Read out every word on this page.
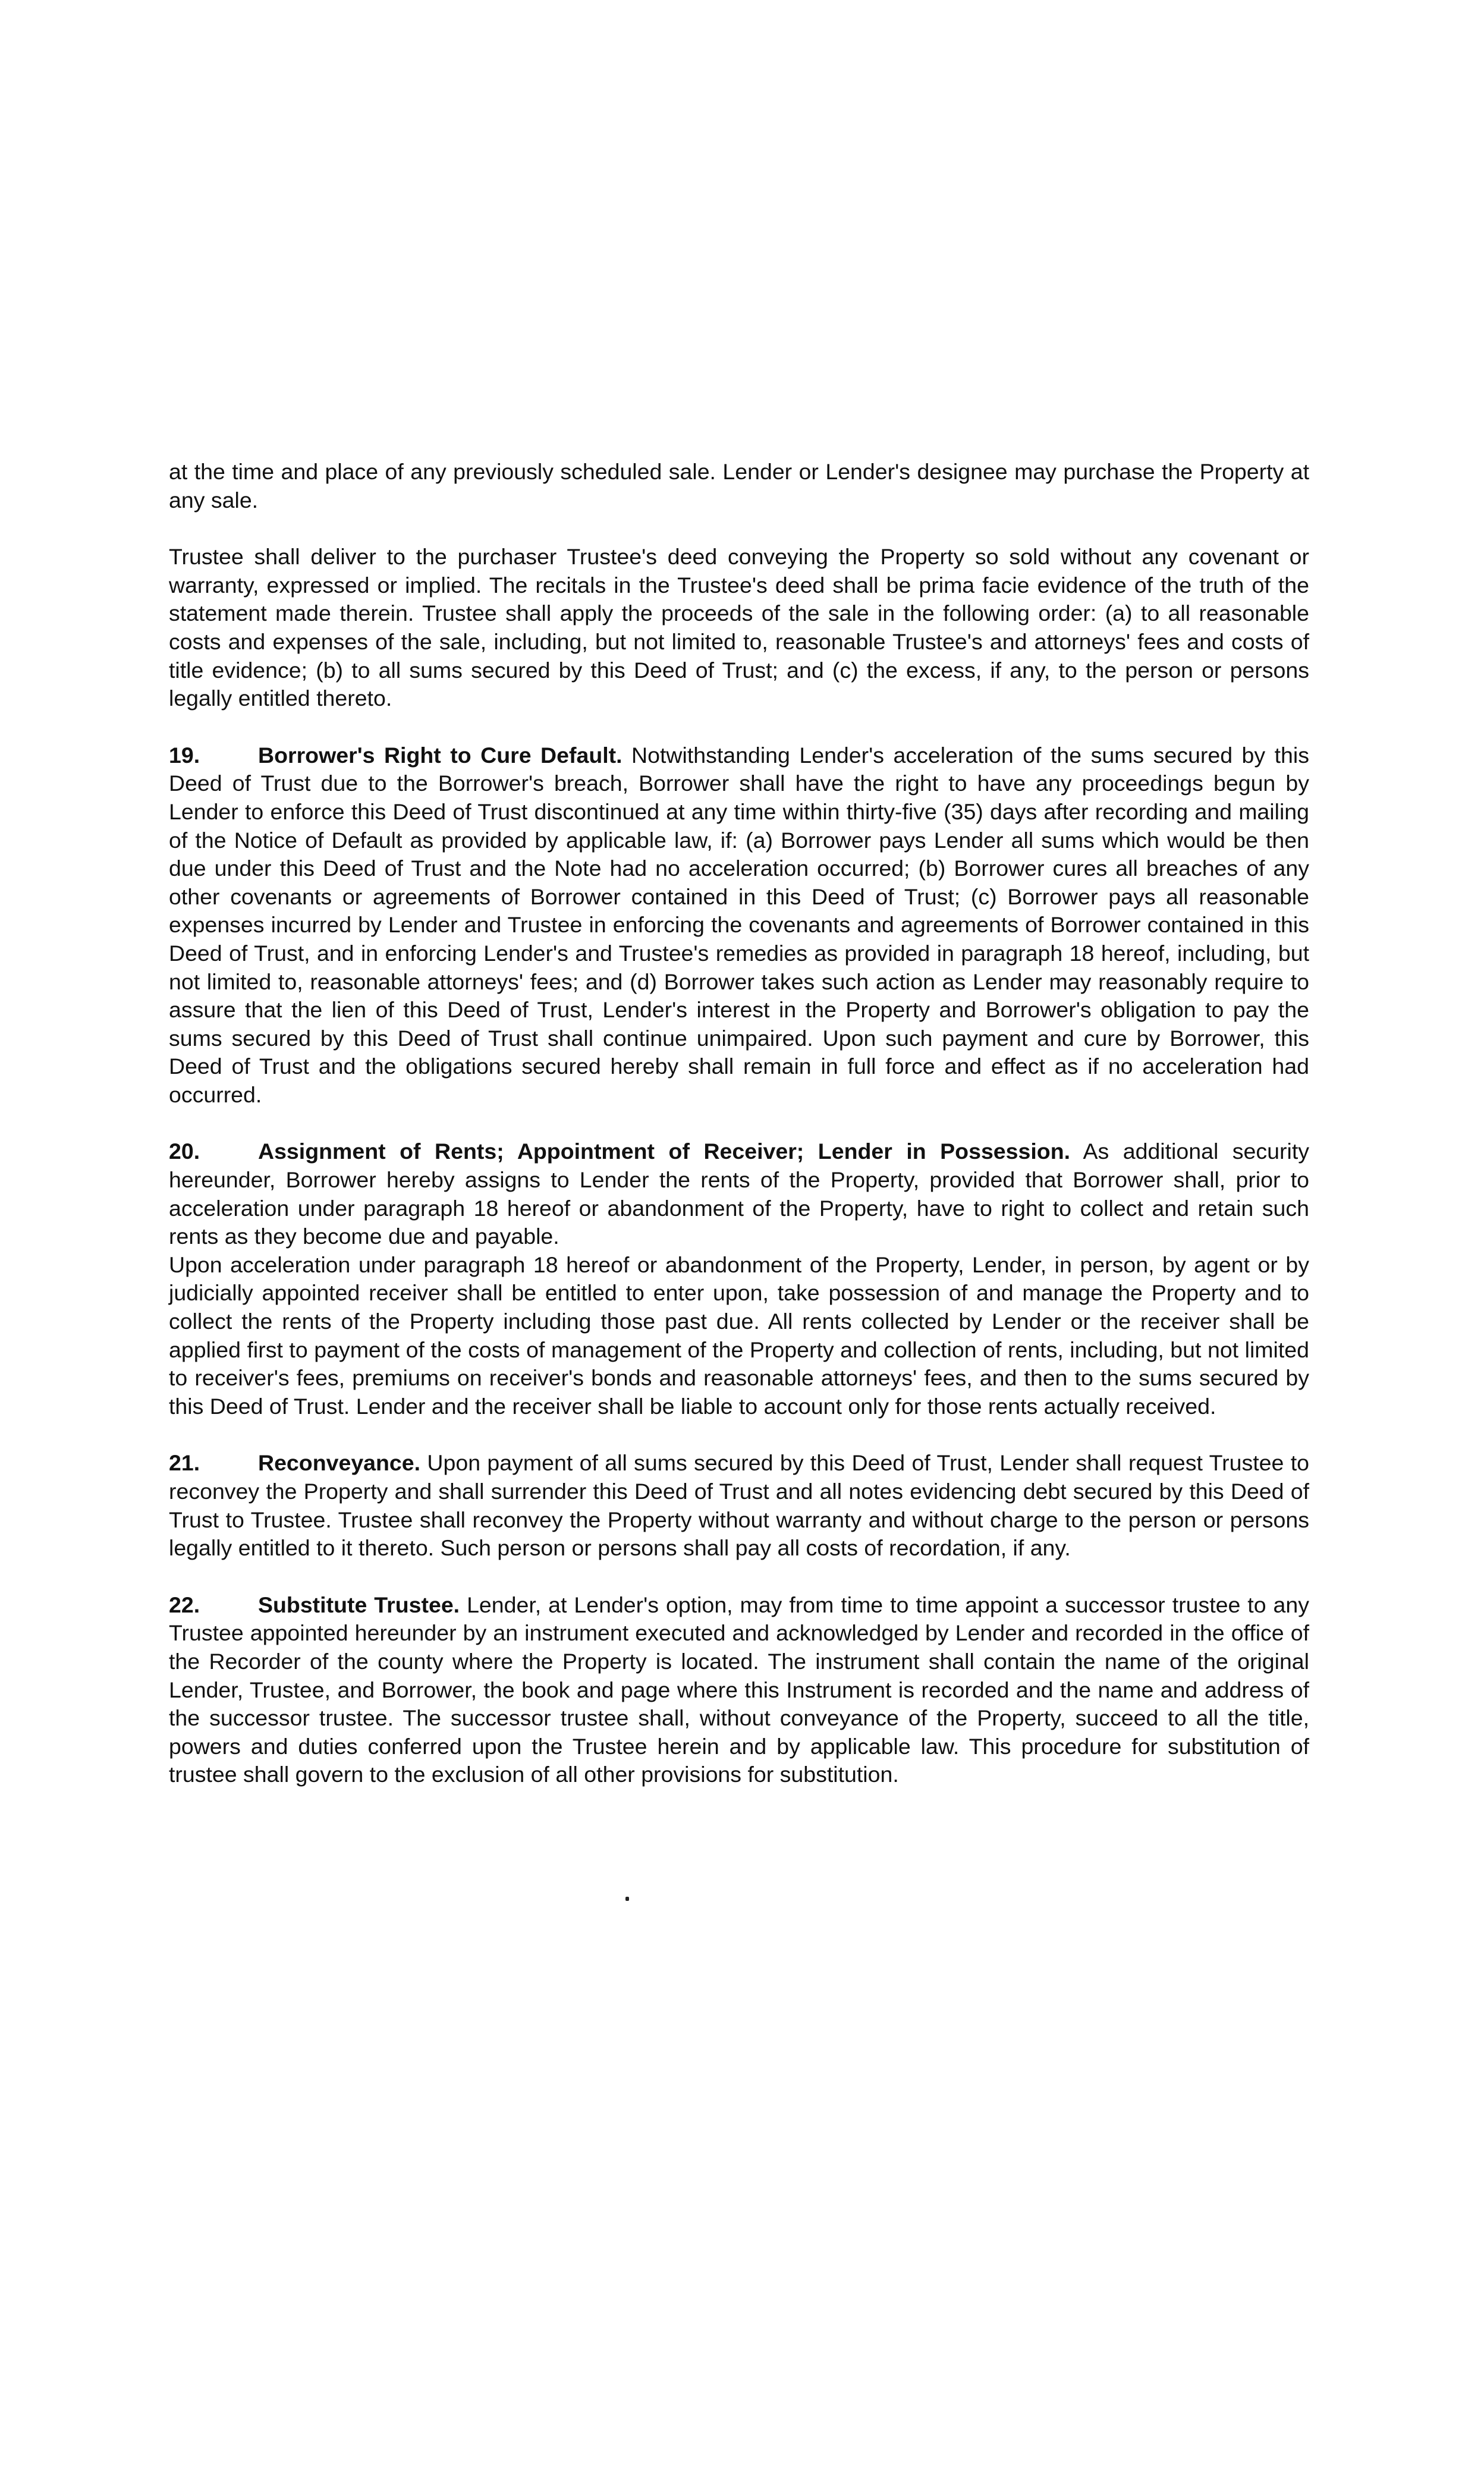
at the time and place of any previously scheduled sale. Lender or Lender's designee may purchase the Property at any sale.

Trustee shall deliver to the purchaser Trustee's deed conveying the Property so sold without any covenant or warranty, expressed or implied. The recitals in the Trustee's deed shall be prima facie evidence of the truth of the statement made therein. Trustee shall apply the proceeds of the sale in the following order: (a) to all reasonable costs and expenses of the sale, including, but not limited to, reasonable Trustee's and attorneys' fees and costs of title evidence; (b) to all sums secured by this Deed of Trust; and (c) the excess, if any, to the person or persons legally entitled thereto.

19.	Borrower's Right to Cure Default. Notwithstanding Lender's acceleration of the sums secured by this Deed of Trust due to the Borrower's breach, Borrower shall have the right to have any proceedings begun by Lender to enforce this Deed of Trust discontinued at any time within thirty-five (35) days after recording and mailing of the Notice of Default as provided by applicable law, if: (a) Borrower pays Lender all sums which would be then due under this Deed of Trust and the Note had no acceleration occurred; (b) Borrower cures all breaches of any other covenants or agreements of Borrower contained in this Deed of Trust; (c) Borrower pays all reasonable expenses incurred by Lender and Trustee in enforcing the covenants and agreements of Borrower contained in this Deed of Trust, and in enforcing Lender's and Trustee's remedies as provided in paragraph 18 hereof, including, but not limited to, reasonable attorneys' fees; and (d) Borrower takes such action as Lender may reasonably require to assure that the lien of this Deed of Trust, Lender's interest in the Property and Borrower's obligation to pay the sums secured by this Deed of Trust shall continue unimpaired. Upon such payment and cure by Borrower, this Deed of Trust and the obligations secured hereby shall remain in full force and effect as if no acceleration had occurred.

20.	Assignment of Rents; Appointment of Receiver; Lender in Possession. As additional security hereunder, Borrower hereby assigns to Lender the rents of the Property, provided that Borrower shall, prior to acceleration under paragraph 18 hereof or abandonment of the Property, have to right to collect and retain such rents as they become due and payable.

Upon acceleration under paragraph 18 hereof or abandonment of the Property, Lender, in person, by agent or by judicially appointed receiver shall be entitled to enter upon, take possession of and manage the Property and to collect the rents of the Property including those past due. All rents collected by Lender or the receiver shall be applied first to payment of the costs of management of the Property and collection of rents, including, but not limited to receiver's fees, premiums on receiver's bonds and reasonable attorneys' fees, and then to the sums secured by this Deed of Trust. Lender and the receiver shall be liable to account only for those rents actually received.

21.	Reconveyance. Upon payment of all sums secured by this Deed of Trust, Lender shall request Trustee to reconvey the Property and shall surrender this Deed of Trust and all notes evidencing debt secured by this Deed of Trust to Trustee. Trustee shall reconvey the Property without warranty and without charge to the person or persons legally entitled to it thereto. Such person or persons shall pay all costs of recordation, if any.

22.	Substitute Trustee. Lender, at Lender's option, may from time to time appoint a successor trustee to any Trustee appointed hereunder by an instrument executed and acknowledged by Lender and recorded in the office of the Recorder of the county where the Property is located. The instrument shall contain the name of the original Lender, Trustee, and Borrower, the book and page where this Instrument is recorded and the name and address of the successor trustee. The successor trustee shall, without conveyance of the Property, succeed to all the title, powers and duties conferred upon the Trustee herein and by applicable law. This procedure for substitution of trustee shall govern to the exclusion of all other provisions for substitution.
